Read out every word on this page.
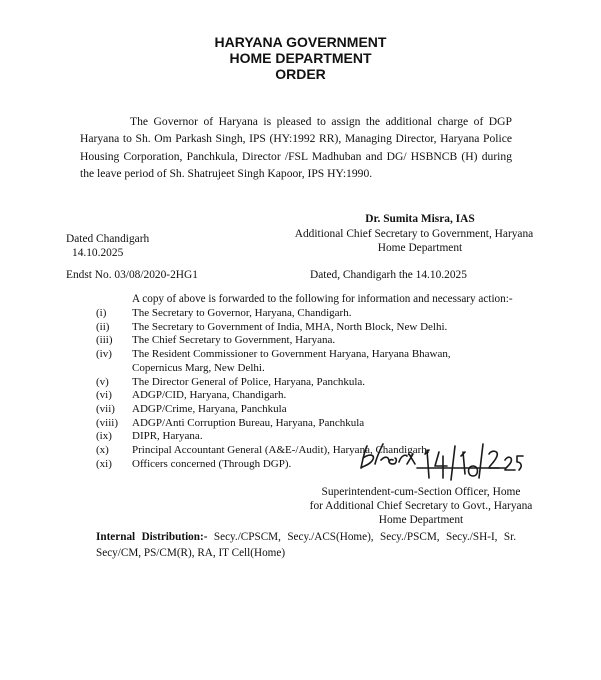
HARYANA GOVERNMENT
HOME DEPARTMENT
ORDER
The Governor of Haryana is pleased to assign the additional charge of DGP Haryana to Sh. Om Parkash Singh, IPS (HY:1992 RR), Managing Director, Haryana Police Housing Corporation, Panchkula, Director /FSL Madhuban and DG/ HSBNCB (H) during the leave period of Sh. Shatrujeet Singh Kapoor, IPS HY:1990.
Dated Chandigarh
14.10.2025
Dr. Sumita Misra, IAS
Additional Chief Secretary to Government, Haryana
Home Department
Endst No. 03/08/2020-2HG1	Dated, Chandigarh the 14.10.2025
A copy of above is forwarded to the following for information and necessary action:-
(i) The Secretary to Governor, Haryana, Chandigarh.
(ii) The Secretary to Government of India, MHA, North Block, New Delhi.
(iii) The Chief Secretary to Government, Haryana.
(iv) The Resident Commissioner to Government Haryana, Haryana Bhawan, Copernicus Marg, New Delhi.
(v) The Director General of Police, Haryana, Panchkula.
(vi) ADGP/CID, Haryana, Chandigarh.
(vii) ADGP/Crime, Haryana, Panchkula
(viii) ADGP/Anti Corruption Bureau, Haryana, Panchkula
(ix) DIPR, Haryana.
(x) Principal Accountant General (A&E-/Audit), Haryana, Chandigarh.
(xi) Officers concerned (Through DGP).
Superintendent-cum-Section Officer, Home
for Additional Chief Secretary to Govt., Haryana
Home Department
Internal Distribution:- Secy./CPSCM, Secy./ACS(Home), Secy./PSCM, Secy./SH-I, Sr. Secy/CM, PS/CM(R), RA, IT Cell(Home)
